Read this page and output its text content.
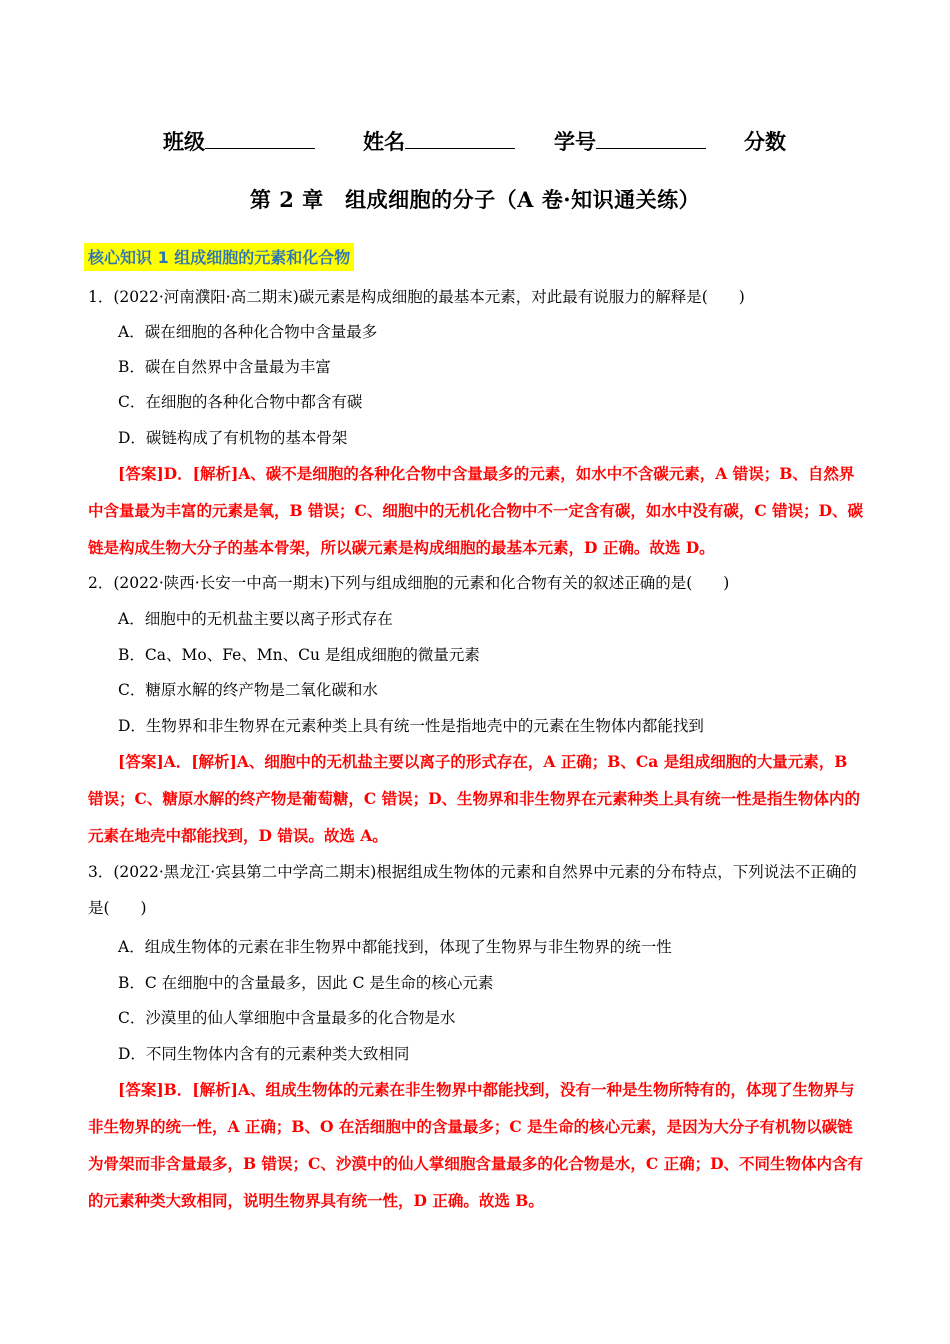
班级	姓名	学号	分数
第 2 章　组成细胞的分子（A 卷·知识通关练）
核心知识 1 组成细胞的元素和化合物
1．(2022·河南濮阳·高二期末)碳元素是构成细胞的最基本元素，对此最有说服力的解释是(　　)
A．碳在细胞的各种化合物中含量最多
B．碳在自然界中含量最为丰富
C．在细胞的各种化合物中都含有碳
D．碳链构成了有机物的基本骨架
[答案]D．[解析]A、碳不是细胞的各种化合物中含量最多的元素，如水中不含碳元素，A 错误；B、自然界中含量最为丰富的元素是氧，B 错误；C、细胞中的无机化合物中不一定含有碳，如水中没有碳，C 错误；D、碳链是构成生物大分子的基本骨架，所以碳元素是构成细胞的最基本元素，D 正确。故选 D。
2．(2022·陕西·长安一中高一期末)下列与组成细胞的元素和化合物有关的叙述正确的是(　　)
A．细胞中的无机盐主要以离子形式存在
B．Ca、Mo、Fe、Mn、Cu 是组成细胞的微量元素
C．糖原水解的终产物是二氧化碳和水
D．生物界和非生物界在元素种类上具有统一性是指地壳中的元素在生物体内都能找到
[答案]A．[解析]A、细胞中的无机盐主要以离子的形式存在，A 正确；B、Ca 是组成细胞的大量元素，B 错误；C、糖原水解的终产物是葡萄糖，C 错误；D、生物界和非生物界在元素种类上具有统一性是指生物体内的元素在地壳中都能找到，D 错误。故选 A。
3．(2022·黑龙江·宾县第二中学高二期末)根据组成生物体的元素和自然界中元素的分布特点，下列说法不正确的是(　　)
A．组成生物体的元素在非生物界中都能找到，体现了生物界与非生物界的统一性
B．C 在细胞中的含量最多，因此 C 是生命的核心元素
C．沙漠里的仙人掌细胞中含量最多的化合物是水
D．不同生物体内含有的元素种类大致相同
[答案]B．[解析]A、组成生物体的元素在非生物界中都能找到，没有一种是生物所特有的，体现了生物界与非生物界的统一性，A 正确；B、O 在活细胞中的含量最多；C 是生命的核心元素，是因为大分子有机物以碳链为骨架而非含量最多，B 错误；C、沙漠中的仙人掌细胞含量最多的化合物是水，C 正确；D、不同生物体内含有的元素种类大致相同，说明生物界具有统一性，D 正确。故选 B。
